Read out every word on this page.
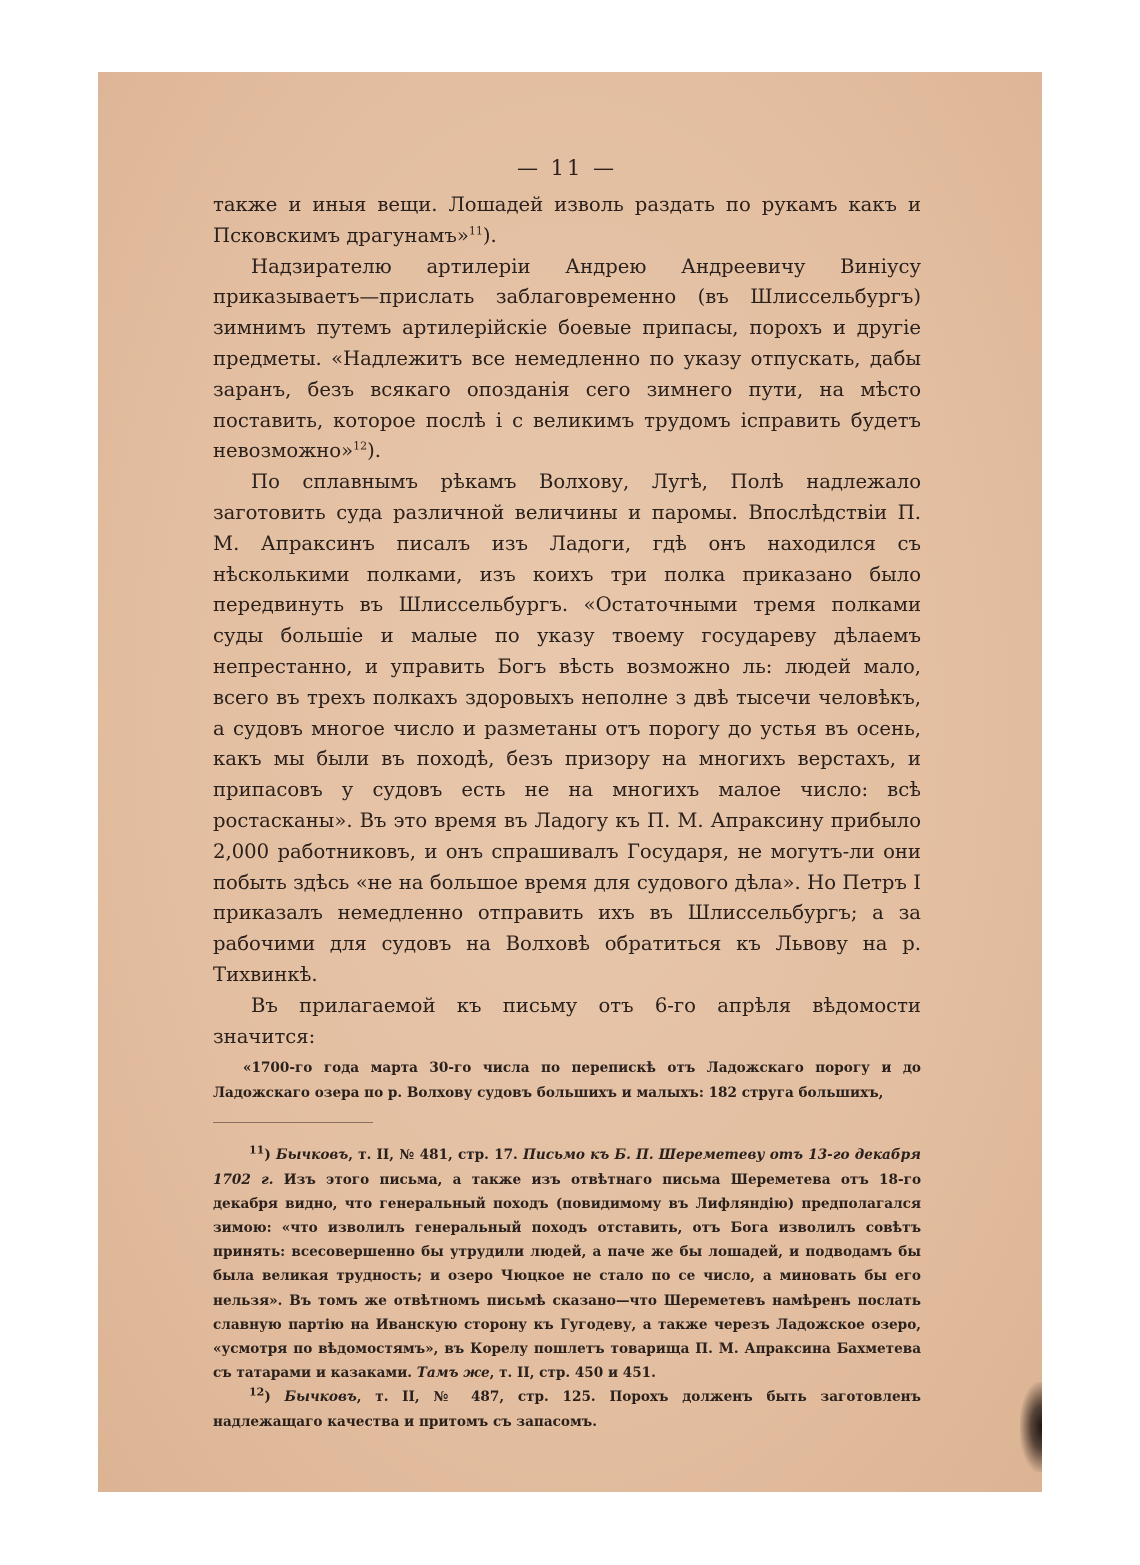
— 11 —

также и иныя вещи. Лошадей изволь раздать по рукамъ какъ и Псковскимъ драгунамъ»$^{11}$).

Надзирателю артилеріи Андрею Андреевичу Виніусу приказываетъ—прислать заблаговременно (въ Шлиссельбургъ) зимнимъ путемъ артилерійскіе боевые припасы, порохъ и другіе предметы. «Надлежитъ все немедленно по указу отпускать, дабы заранъ, безъ всякаго опозданія сего зимнего пути, на мѣсто поставить, которое послѣ і с великимъ трудомъ ісправить будетъ невозможно»$^{12}$).

По сплавнымъ рѣкамъ Волхову, Лугѣ, Полѣ надлежало заготовить суда различной величины и паромы. Впослѣдствіи П. М. Апраксинъ писалъ изъ Ладоги, гдѣ онъ находился съ нѣсколькими полками, изъ коихъ три полка приказано было передвинуть въ Шлиссельбургъ. «Остаточными тремя полками суды большіе и малые по указу твоему государеву дѣлаемъ непрестанно, и управить Богъ вѣсть возможно ль: людей мало, всего въ трехъ полкахъ здоровыхъ неполне з двѣ тысечи человѣкъ, а судовъ многое число и разметаны отъ порогу до устья въ осень, какъ мы были въ походѣ, безъ призору на многихъ верстахъ, и припасовъ у судовъ есть не на многихъ малое число: всѣ ростасканы». Въ это время въ Ладогу къ П. М. Апраксину прибыло 2,000 работниковъ, и онъ спрашивалъ Государя, не могутъ-ли они побыть здѣсь «не на большое время для судового дѣла». Но Петръ I приказалъ немедленно отправить ихъ въ Шлиссельбургъ; а за рабочими для судовъ на Волховѣ обратиться къ Львову на р. Тихвинкѣ.

Въ прилагаемой къ письму отъ 6-го апрѣля вѣдомости значится:

«1700-го года марта 30-го числа по перепискѣ отъ Ладожскаго порогу и до Ладожскаго озера по р. Волхову судовъ большихъ и малыхъ: 182 струга большихъ,

$^{11}$) Бычковъ, т. II, № 481, стр. 17. Письмо къ Б. П. Шереметеву отъ 13-го декабря 1702 г. Изъ этого письма, а также изъ отвѣтнаго письма Шереметева отъ 18-го декабря видно, что генеральный походъ (повидимому въ Лифляндію) предполагался зимою: «что изволилъ генеральный походъ отставить, отъ Бога изволилъ совѣтъ принять: всесовершенно бы утрудили людей, а паче же бы лошадей, и подводамъ бы была великая трудность; и озеро Чюцкое не стало по се число, а миновать бы его нельзя». Въ томъ же отвѣтномъ письмѣ сказано—что Шереметевъ намѣренъ послать славную партію на Иванскую сторону къ Гугодеву, а также черезъ Ладожское озеро, «усмотря по вѣдомостямъ», въ Корелу пошлетъ товарища П. М. Апраксина Бахметева съ татарами и казаками. Тамъ же, т. II, стр. 450 и 451.

$^{12}$) Бычковъ, т. II, № 487, стр. 125. Порохъ долженъ быть заготовленъ надлежащаго качества и притомъ съ запасомъ.
